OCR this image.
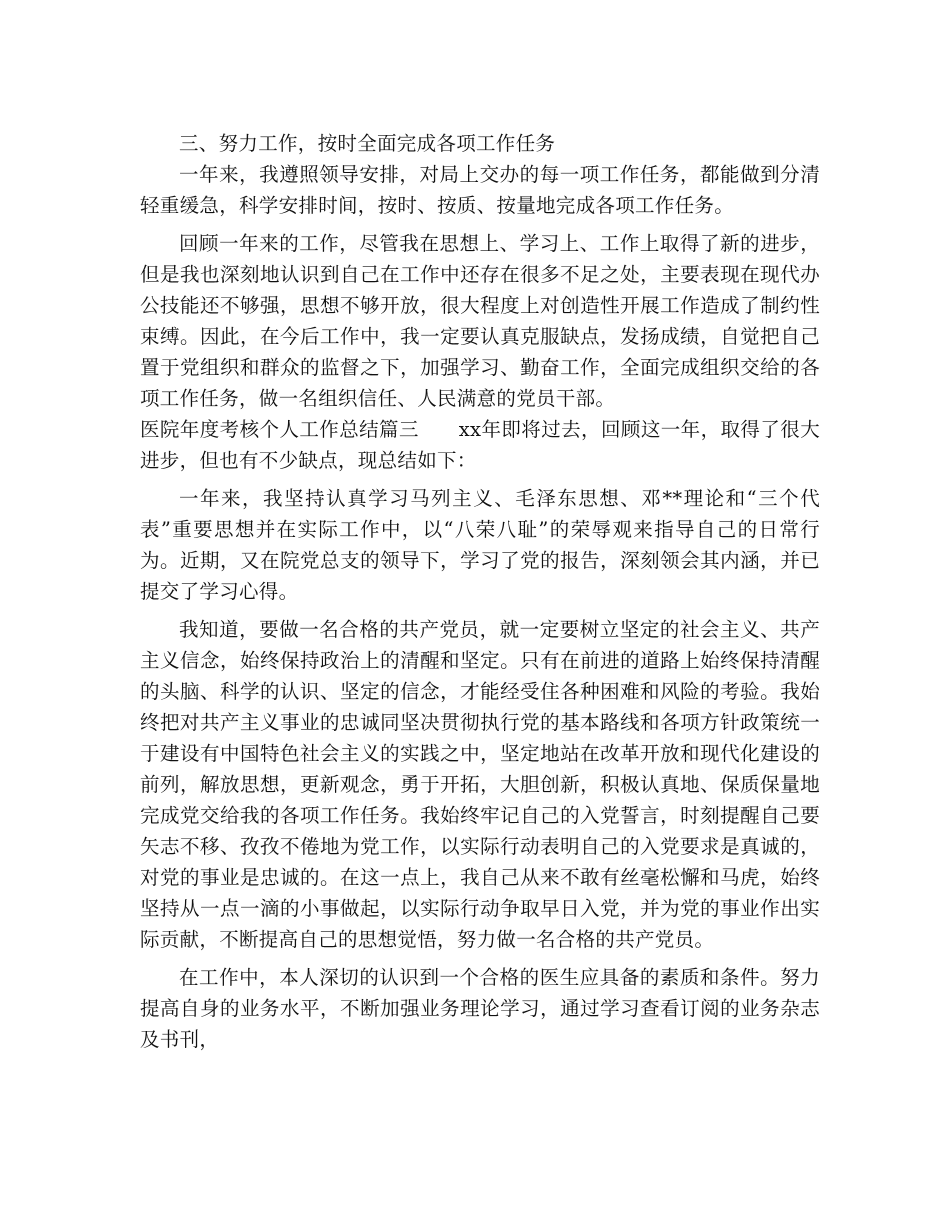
三、努力工作，按时全面完成各项工作任务

一年来，我遵照领导安排，对局上交办的每一项工作任务，都能做到分清轻重缓急，科学安排时间，按时、按质、按量地完成各项工作任务。

回顾一年来的工作，尽管我在思想上、学习上、工作上取得了新的进步，但是我也深刻地认识到自己在工作中还存在很多不足之处，主要表现在现代办公技能还不够强，思想不够开放，很大程度上对创造性开展工作造成了制约性束缚。因此，在今后工作中，我一定要认真克服缺点，发扬成绩，自觉把自己置于党组织和群众的监督之下，加强学习、勤奋工作，全面完成组织交给的各项工作任务，做一名组织信任、人民满意的党员干部。

医院年度考核个人工作总结篇三　　xx年即将过去，回顾这一年，取得了很大进步，但也有不少缺点，现总结如下：

一年来，我坚持认真学习马列主义、毛泽东思想、邓**理论和“三个代表”重要思想并在实际工作中，以“八荣八耻”的荣辱观来指导自己的日常行为。近期，又在院党总支的领导下，学习了党的报告，深刻领会其内涵，并已提交了学习心得。

我知道，要做一名合格的共产党员，就一定要树立坚定的社会主义、共产主义信念，始终保持政治上的清醒和坚定。只有在前进的道路上始终保持清醒的头脑、科学的认识、坚定的信念，才能经受住各种困难和风险的考验。我始终把对共产主义事业的忠诚同坚决贯彻执行党的基本路线和各项方针政策统一于建设有中国特色社会主义的实践之中，坚定地站在改革开放和现代化建设的前列，解放思想，更新观念，勇于开拓，大胆创新，积极认真地、保质保量地完成党交给我的各项工作任务。我始终牢记自己的入党誓言，时刻提醒自己要矢志不移、孜孜不倦地为党工作，以实际行动表明自己的入党要求是真诚的，对党的事业是忠诚的。在这一点上，我自己从来不敢有丝毫松懈和马虎，始终坚持从一点一滴的小事做起，以实际行动争取早日入党，并为党的事业作出实际贡献，不断提高自己的思想觉悟，努力做一名合格的共产党员。

在工作中，本人深切的认识到一个合格的医生应具备的素质和条件。努力提高自身的业务水平，不断加强业务理论学习，通过学习查看订阅的业务杂志及书刊，
